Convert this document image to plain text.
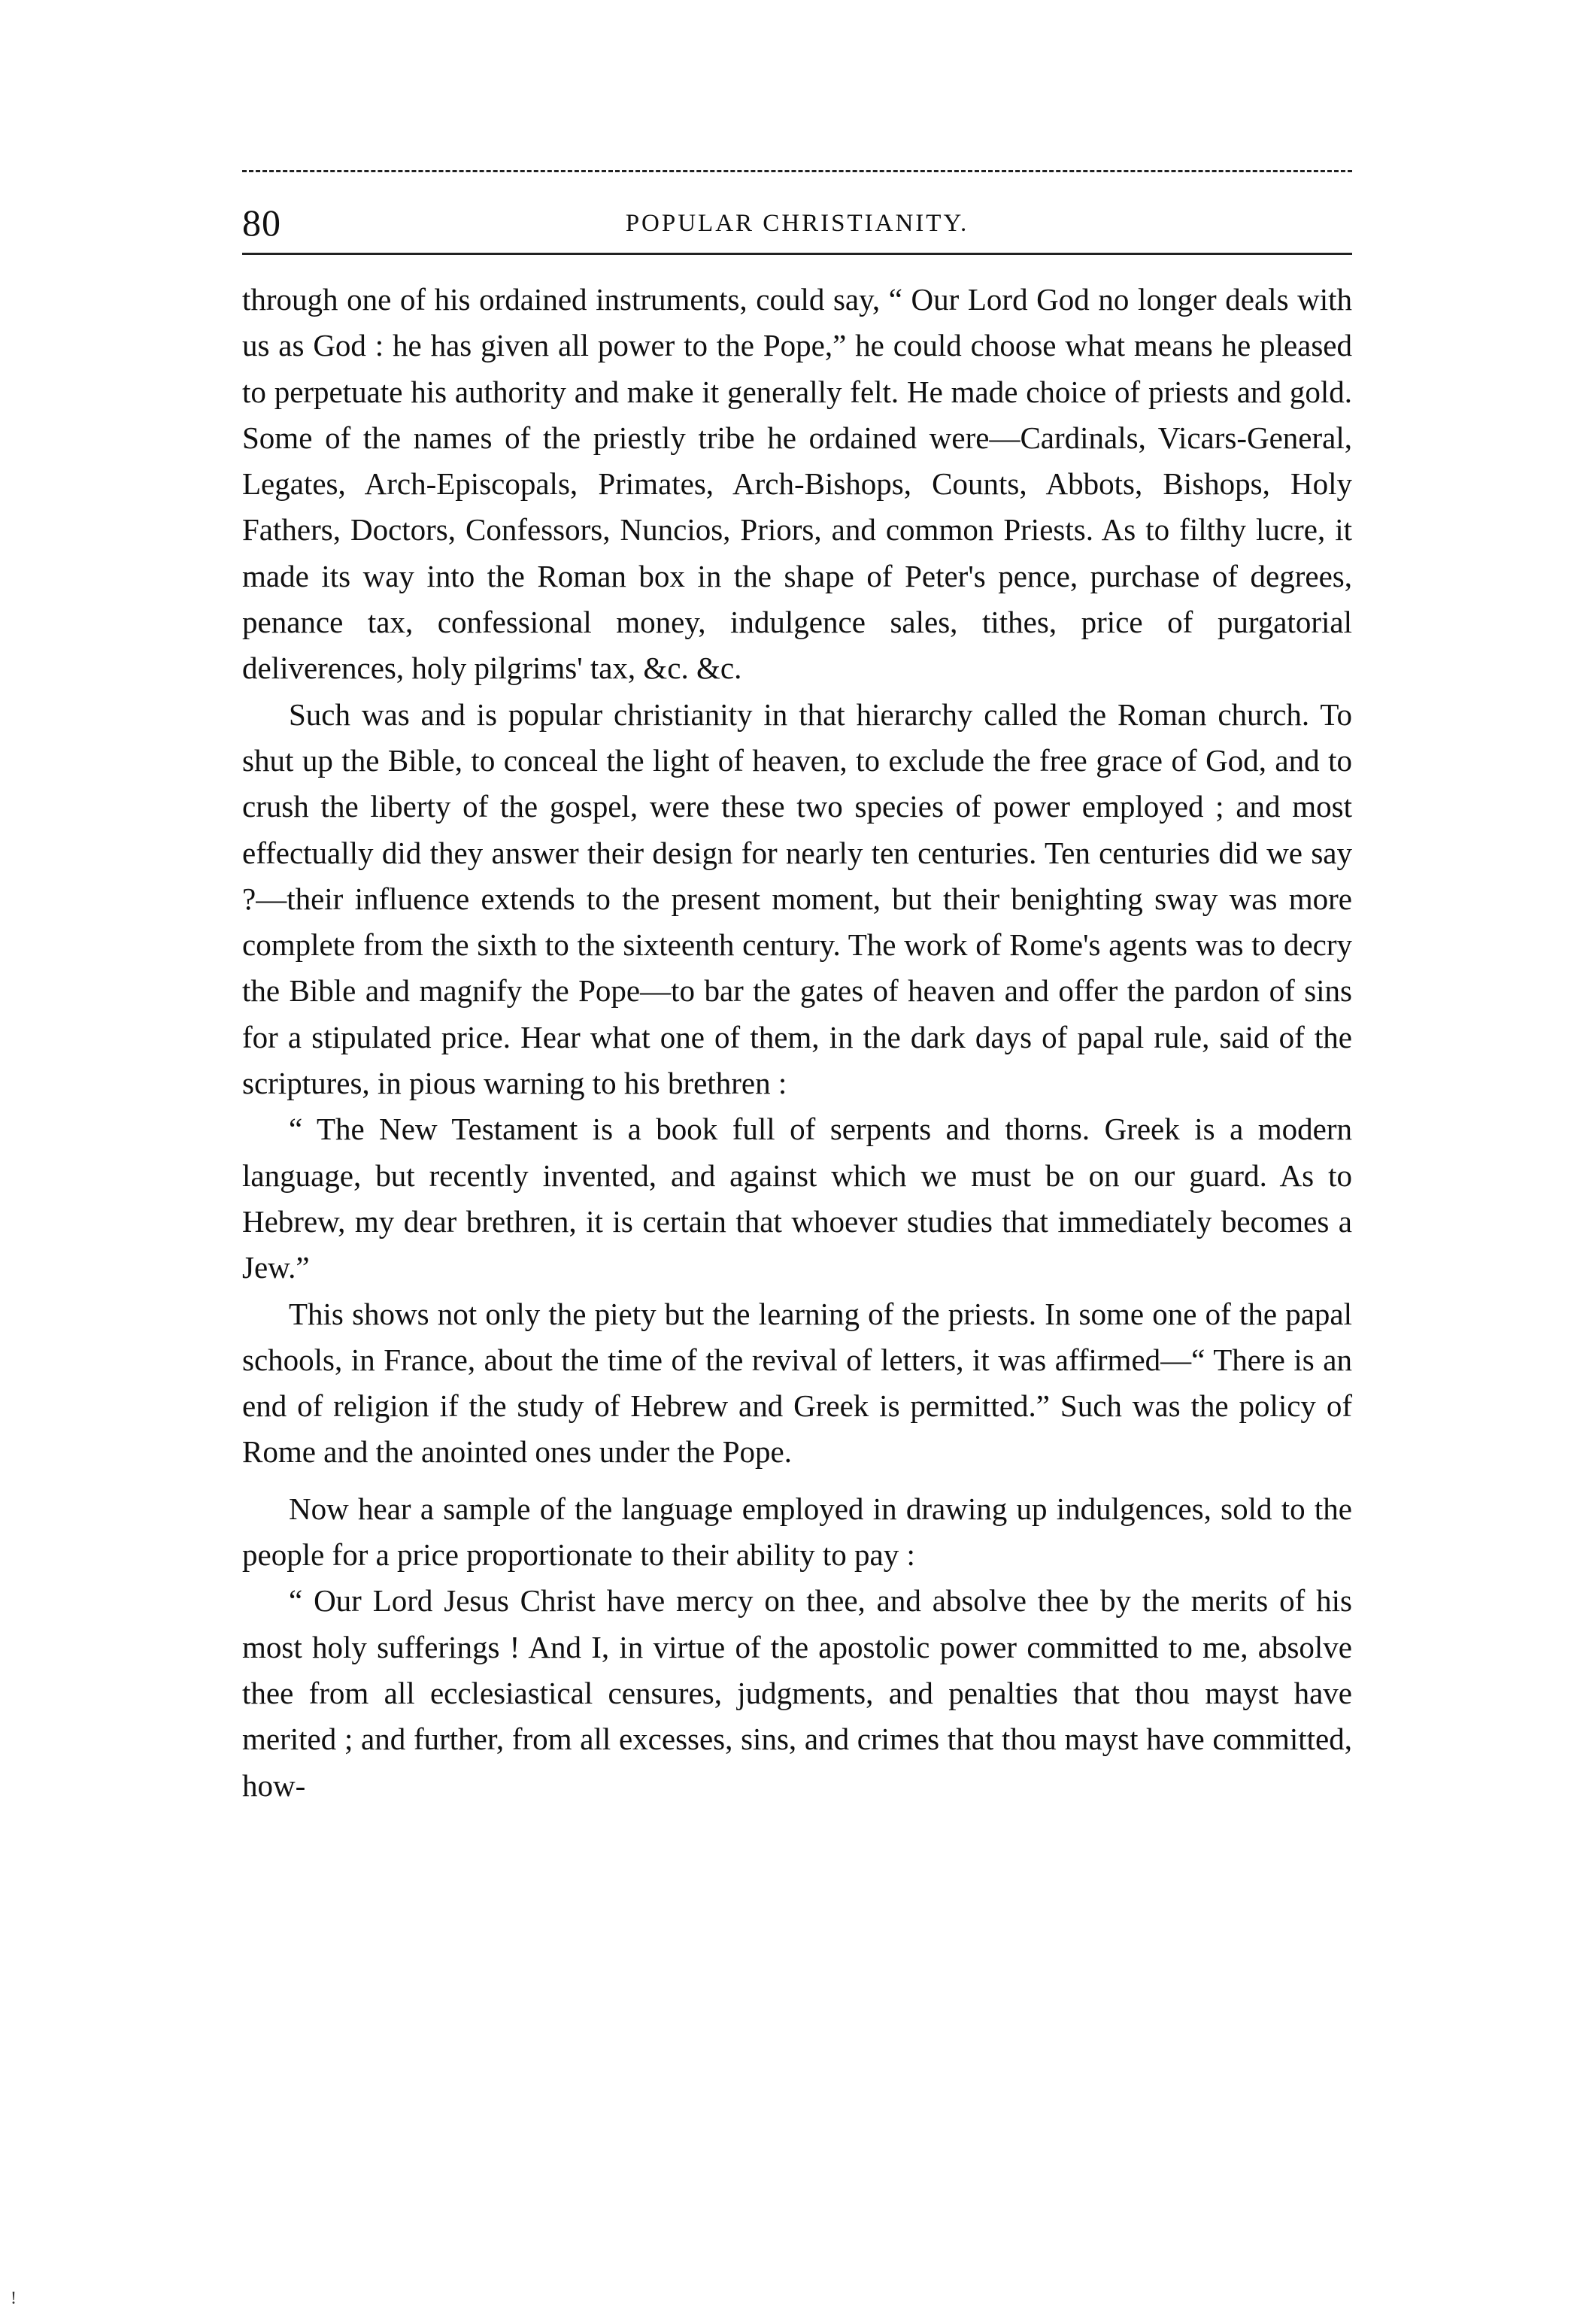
80	POPULAR CHRISTIANITY.

through one of his ordained instruments, could say, “ Our Lord God no longer deals with us as God : he has given all power to the Pope,” he could choose what means he pleased to perpetuate his authority and make it generally felt. He made choice of priests and gold. Some of the names of the priestly tribe he ordained were—Cardinals, Vicars-General, Legates, Arch-Episcopals, Primates, Arch-Bishops, Counts, Abbots, Bishops, Holy Fathers, Doctors, Confessors, Nuncios, Priors, and common Priests. As to filthy lucre, it made its way into the Roman box in the shape of Peter's pence, purchase of degrees, penance tax, confessional money, indulgence sales, tithes, price of purgatorial deliverences, holy pilgrims' tax, &c. &c.

Such was and is popular christianity in that hierarchy called the Roman church. To shut up the Bible, to conceal the light of heaven, to exclude the free grace of God, and to crush the liberty of the gospel, were these two species of power employed ; and most effectually did they answer their design for nearly ten centuries. Ten centuries did we say ?—their influence extends to the present moment, but their benighting sway was more complete from the sixth to the sixteenth century. The work of Rome's agents was to decry the Bible and magnify the Pope—to bar the gates of heaven and offer the pardon of sins for a stipulated price. Hear what one of them, in the dark days of papal rule, said of the scriptures, in pious warning to his brethren :

“ The New Testament is a book full of serpents and thorns. Greek is a modern language, but recently invented, and against which we must be on our guard. As to Hebrew, my dear brethren, it is certain that whoever studies that immediately becomes a Jew.”

This shows not only the piety but the learning of the priests. In some one of the papal schools, in France, about the time of the revival of letters, it was affirmed—“ There is an end of religion if the study of Hebrew and Greek is permitted.” Such was the policy of Rome and the anointed ones under the Pope.

Now hear a sample of the language employed in drawing up indulgences, sold to the people for a price proportionate to their ability to pay :

“ Our Lord Jesus Christ have mercy on thee, and absolve thee by the merits of his most holy sufferings ! And I, in virtue of the apostolic power committed to me, absolve thee from all ecclesiastical censures, judgments, and penalties that thou mayst have merited ; and further, from all excesses, sins, and crimes that thou mayst have committed, how-

!
